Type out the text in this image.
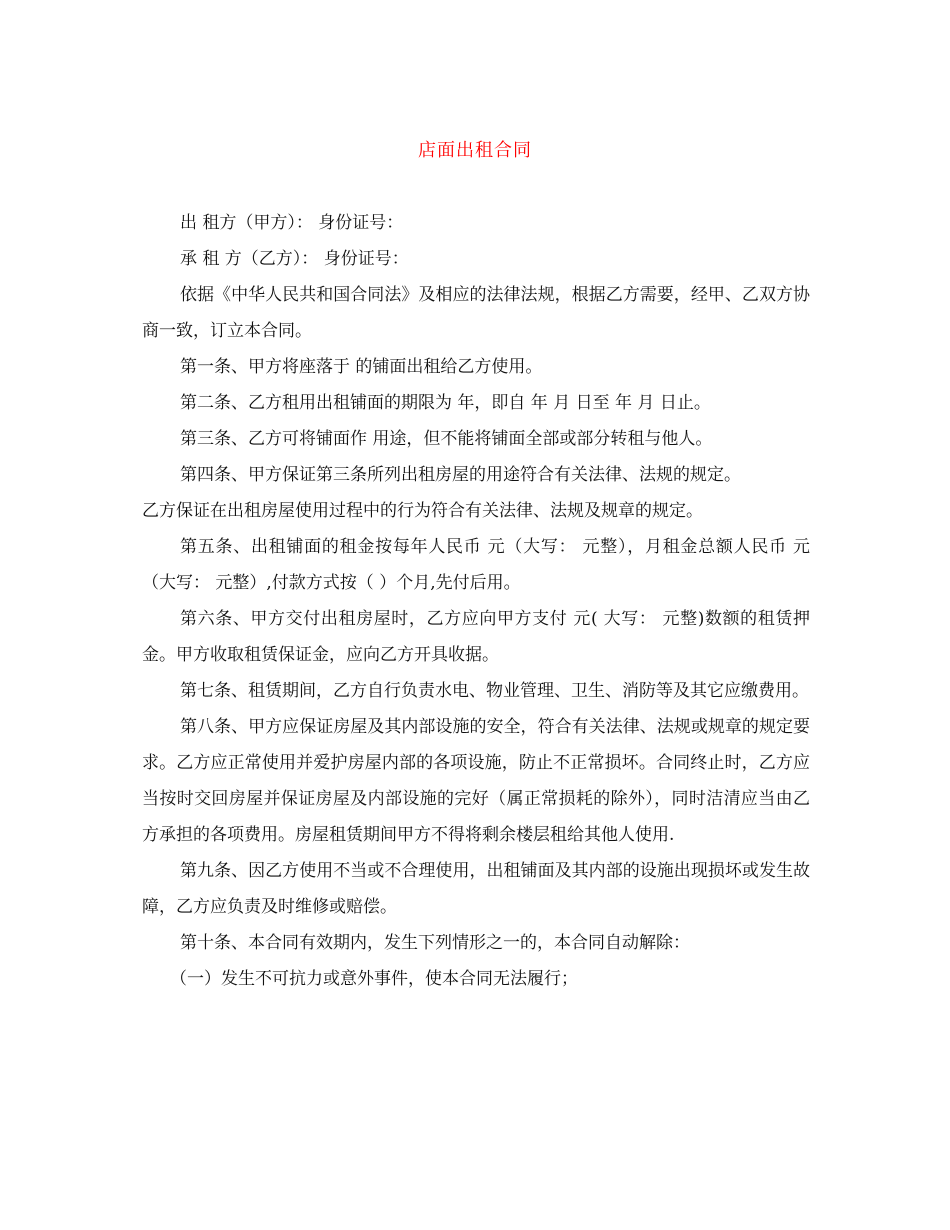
店面出租合同

出 租方（甲方）： 身份证号：

承 租 方（乙方）： 身份证号：

依据《中华人民共和国合同法》及相应的法律法规，根据乙方需要，经甲、乙双方协商一致，订立本合同。

第一条、甲方将座落于 的铺面出租给乙方使用。

第二条、乙方租用出租铺面的期限为 年，即自 年 月 日至 年 月 日止。

第三条、乙方可将铺面作 用途，但不能将铺面全部或部分转租与他人。

第四条、甲方保证第三条所列出租房屋的用途符合有关法律、法规的规定。

乙方保证在出租房屋使用过程中的行为符合有关法律、法规及规章的规定。

第五条、出租铺面的租金按每年人民币 元（大写： 元整），月租金总额人民币 元（大写： 元整）,付款方式按（ ）个月,先付后用。

第六条、甲方交付出租房屋时，乙方应向甲方支付 元( 大写： 元整)数额的租赁押金。甲方收取租赁保证金，应向乙方开具收据。

第七条、租赁期间，乙方自行负责水电、物业管理、卫生、消防等及其它应缴费用。

第八条、甲方应保证房屋及其内部设施的安全，符合有关法律、法规或规章的规定要求。乙方应正常使用并爱护房屋内部的各项设施，防止不正常损坏。合同终止时，乙方应当按时交回房屋并保证房屋及内部设施的完好（属正常损耗的除外），同时洁清应当由乙方承担的各项费用。房屋租赁期间甲方不得将剩余楼层租给其他人使用.

第九条、因乙方使用不当或不合理使用，出租铺面及其内部的设施出现损坏或发生故障，乙方应负责及时维修或赔偿。

第十条、本合同有效期内，发生下列情形之一的，本合同自动解除：

（一）发生不可抗力或意外事件，使本合同无法履行；
